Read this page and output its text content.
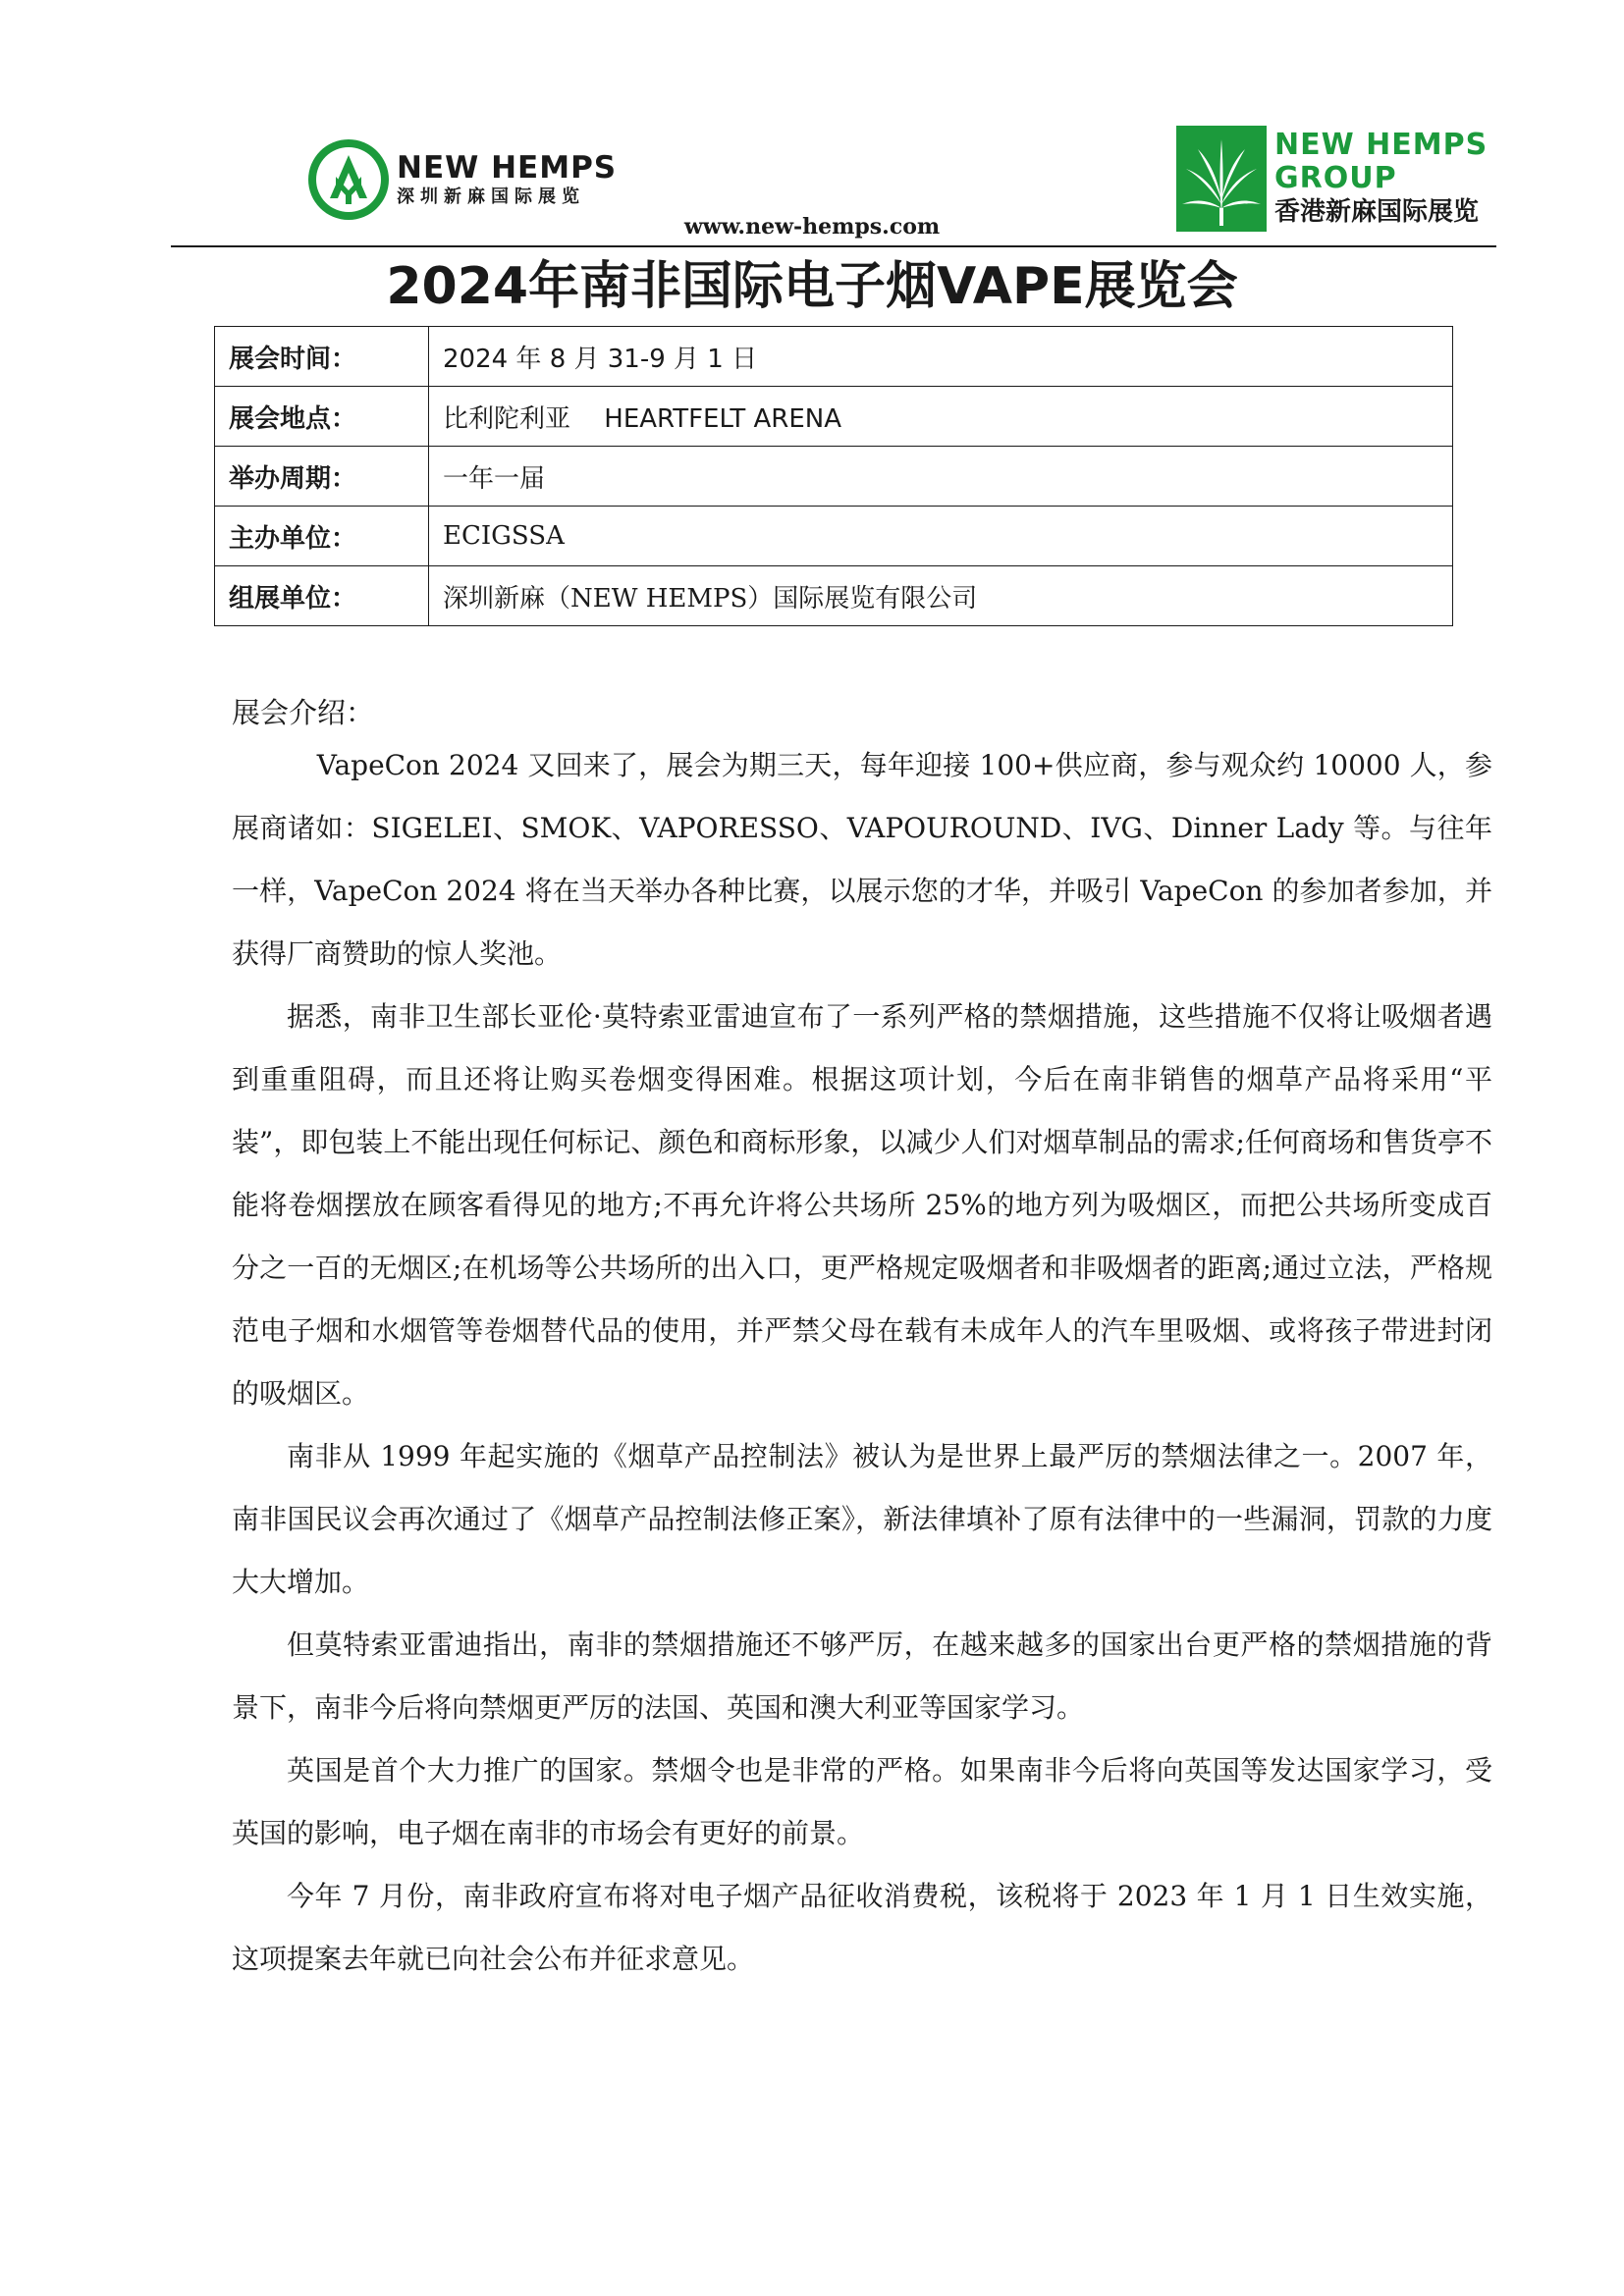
NEW HEMPS
深圳新麻国际展览
NEW HEMPS
GROUP
香港新麻国际展览
www.new-hemps.com
2024年南非国际电子烟VAPE展览会
展会时间：	2024 年 8 月 31-9 月 1 日
展会地点：	比利陀利亚　 HEARTFELT ARENA
举办周期：	一年一届
主办单位：	ECIGSSA
组展单位：	深圳新麻（NEW HEMPS）国际展览有限公司
展会介绍：

VapeCon 2024 又回来了，展会为期三天，每年迎接 100+供应商，参与观众约 10000 人，参展商诸如：SIGELEI、SMOK、VAPORESSO、VAPOUROUND、IVG、Dinner Lady 等。与往年一样，VapeCon 2024 将在当天举办各种比赛，以展示您的才华，并吸引 VapeCon 的参加者参加，并获得厂商赞助的惊人奖池。

据悉，南非卫生部长亚伦·莫特索亚雷迪宣布了一系列严格的禁烟措施，这些措施不仅将让吸烟者遇到重重阻碍，而且还将让购买卷烟变得困难。根据这项计划，今后在南非销售的烟草产品将采用“平装”，即包装上不能出现任何标记、颜色和商标形象，以减少人们对烟草制品的需求;任何商场和售货亭不能将卷烟摆放在顾客看得见的地方;不再允许将公共场所 25%的地方列为吸烟区，而把公共场所变成百分之一百的无烟区;在机场等公共场所的出入口，更严格规定吸烟者和非吸烟者的距离;通过立法，严格规范电子烟和水烟管等卷烟替代品的使用，并严禁父母在载有未成年人的汽车里吸烟、或将孩子带进封闭的吸烟区。

南非从 1999 年起实施的《烟草产品控制法》被认为是世界上最严厉的禁烟法律之一。2007 年，南非国民议会再次通过了《烟草产品控制法修正案》，新法律填补了原有法律中的一些漏洞，罚款的力度大大增加。

但莫特索亚雷迪指出，南非的禁烟措施还不够严厉，在越来越多的国家出台更严格的禁烟措施的背景下，南非今后将向禁烟更严厉的法国、英国和澳大利亚等国家学习。

英国是首个大力推广的国家。禁烟令也是非常的严格。如果南非今后将向英国等发达国家学习，受英国的影响，电子烟在南非的市场会有更好的前景。

今年 7 月份，南非政府宣布将对电子烟产品征收消费税，该税将于 2023 年 1 月 1 日生效实施，这项提案去年就已向社会公布并征求意见。
